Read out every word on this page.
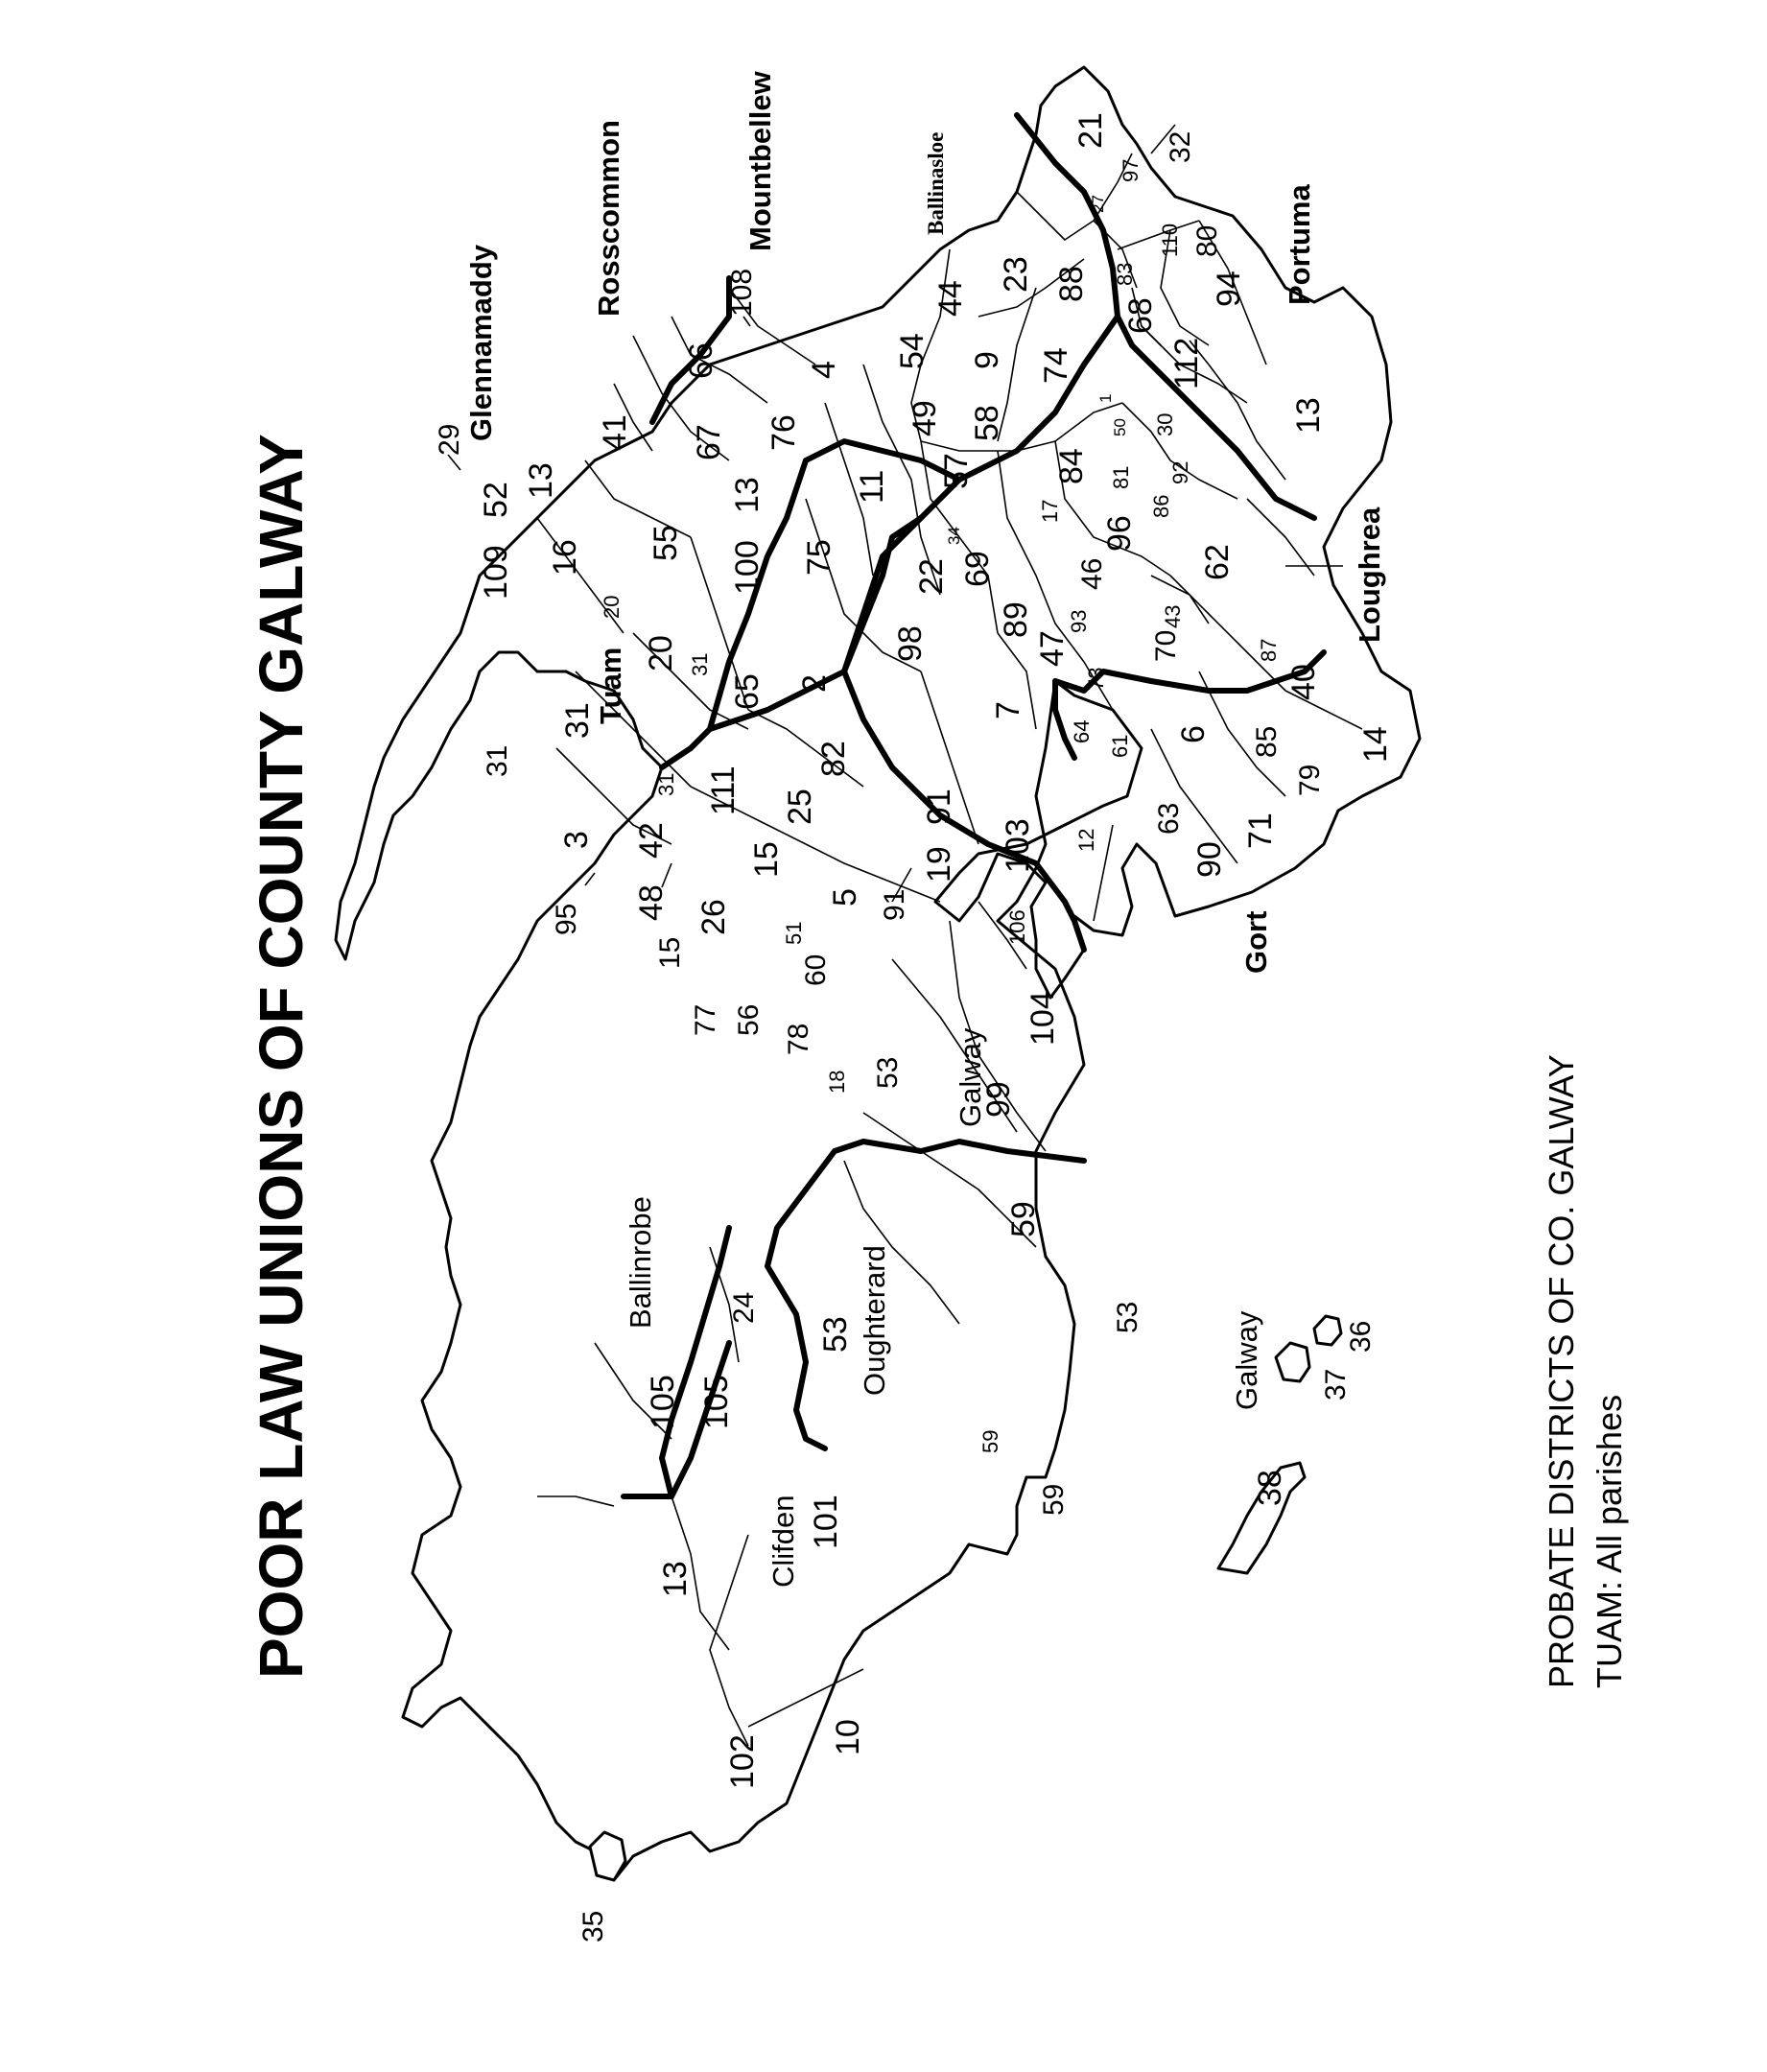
POOR LAW UNIONS OF COUNTY GALWAY	PROBATE DISTRICTS OF CO. GALWAY TUAM: All parishes
Glennamaddy
Rosscommon	Mountbellew	Ballinasloe
Portuma
Loughrea
Gort
Tuam
Galway
Galway
Ballinrobe	Oughterard
Clifden
21 32
97
27
110 80
83 94
68
112
13
23 88
44
9
54	74
49 58	50
1
30
57 84 81 92
86
17
96
34
69
22	62
46
89 93	43
47	70
98	87
73
7
40
108
66	4
67 76
11
13
75
100
55
29	41
13
52
109 16
20
20
31
31
31
31
65 2
111
82
25	91
91
19 103 12
64
61 6 85 14
79
63 71
90
3 42
15
15
48 26
5
95	51
60
77 56
78
18 53
99
106
104
59
59
59
53
53
24
105 105
101
13
102 10
35
38
37
36
